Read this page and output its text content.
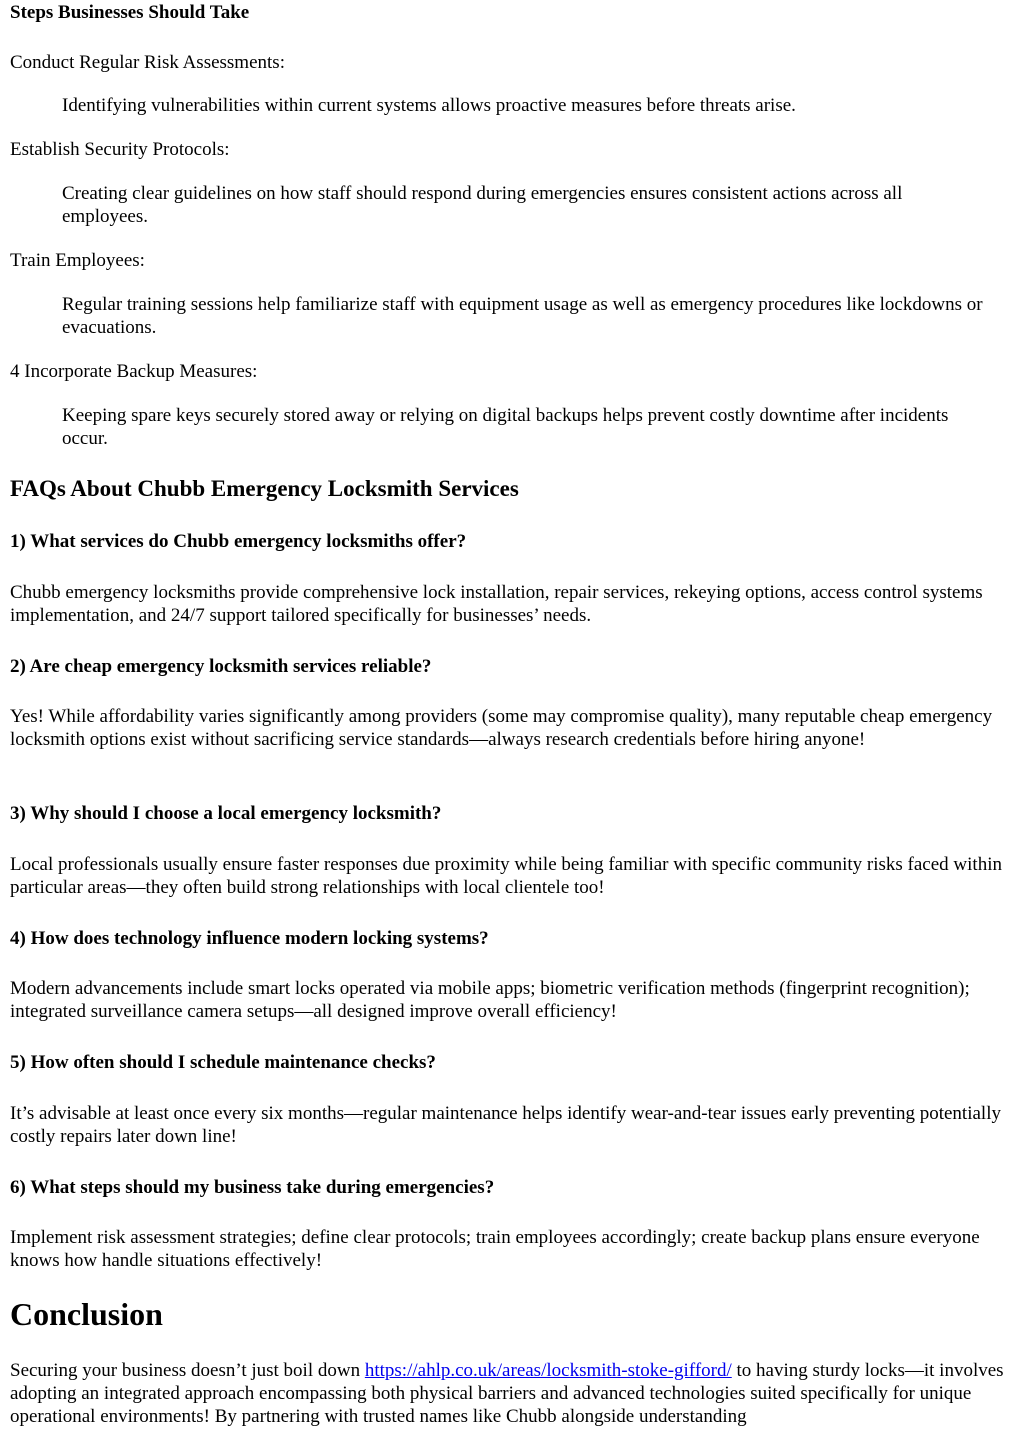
Steps Businesses Should Take

Conduct Regular Risk Assessments:

Identifying vulnerabilities within current systems allows proactive measures before threats arise.

Establish Security Protocols:

Creating clear guidelines on how staff should respond during emergencies ensures consistent actions across all employees.

Train Employees:

Regular training sessions help familiarize staff with equipment usage as well as emergency procedures like lockdowns or evacuations.

4 Incorporate Backup Measures:

Keeping spare keys securely stored away or relying on digital backups helps prevent costly downtime after incidents occur.

FAQs About Chubb Emergency Locksmith Services
1) What services do Chubb emergency locksmiths offer?

Chubb emergency locksmiths provide comprehensive lock installation, repair services, rekeying options, access control systems implementation, and 24/7 support tailored specifically for businesses’ needs.

2) Are cheap emergency locksmith services reliable?

Yes! While affordability varies significantly among providers (some may compromise quality), many reputable cheap emergency locksmith options exist without sacrificing service standards—always research credentials before hiring anyone!

3) Why should I choose a local emergency locksmith?

Local professionals usually ensure faster responses due proximity while being familiar with specific community risks faced within particular areas—they often build strong relationships with local clientele too!

4) How does technology influence modern locking systems?

Modern advancements include smart locks operated via mobile apps; biometric verification methods (fingerprint recognition); integrated surveillance camera setups—all designed improve overall efficiency!

5) How often should I schedule maintenance checks?

It’s advisable at least once every six months—regular maintenance helps identify wear-and-tear issues early preventing potentially costly repairs later down line!

6) What steps should my business take during emergencies?

Implement risk assessment strategies; define clear protocols; train employees accordingly; create backup plans ensure everyone knows how handle situations effectively!

Conclusion

Securing your business doesn’t just boil down https://ahlp.co.uk/areas/locksmith-stoke-gifford/ to having sturdy locks—it involves adopting an integrated approach encompassing both physical barriers and advanced technologies suited specifically for unique operational environments! By partnering with trusted names like Chubb alongside understanding
